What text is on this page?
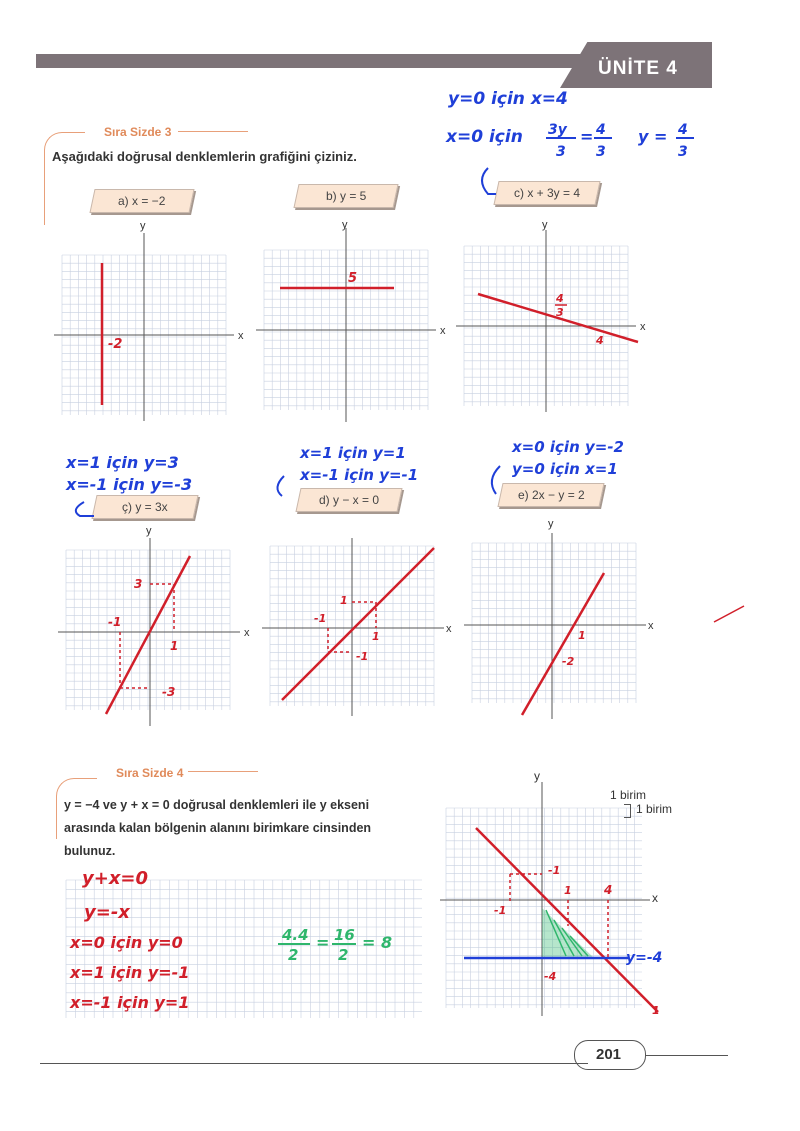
ÜNİTE 4
Sıra Sizde 3
Aşağıdaki doğrusal denklemlerin grafiğini çiziniz.
a) x = −2	b) y = 5	c) x + 3y = 4
ç) y = 3x	d) y − x = 0	e) 2x − y = 2
x
y
-2
x
y
5
x
y
4
3
4
x
y
3
-1
1
-3
x
1
-1
1
-1
x
y
1
-2
y=0 için x=4
x=0 için 3y
3
= 4
3
y = 4
3
x=1 için y=3
x=-1 için y=-3
x=1 için y=1
x=-1 için y=-1
x=0 için y=-2
y=0 için x=1
Sıra Sizde 4
y = −4 ve y + x = 0 doğrusal denklemleri ile y ekseni
arasında kalan bölgenin alanını birimkare cinsinden
bulunuz.
y+x=0
y=-x
x=0 için y=0
x=1 için y=-1
x=-1 için y=1
4.4
2
= 16
2
= 8
x
y
-1
1	4
-1
-4
y=-4
1
1 birim
1 birim
201
